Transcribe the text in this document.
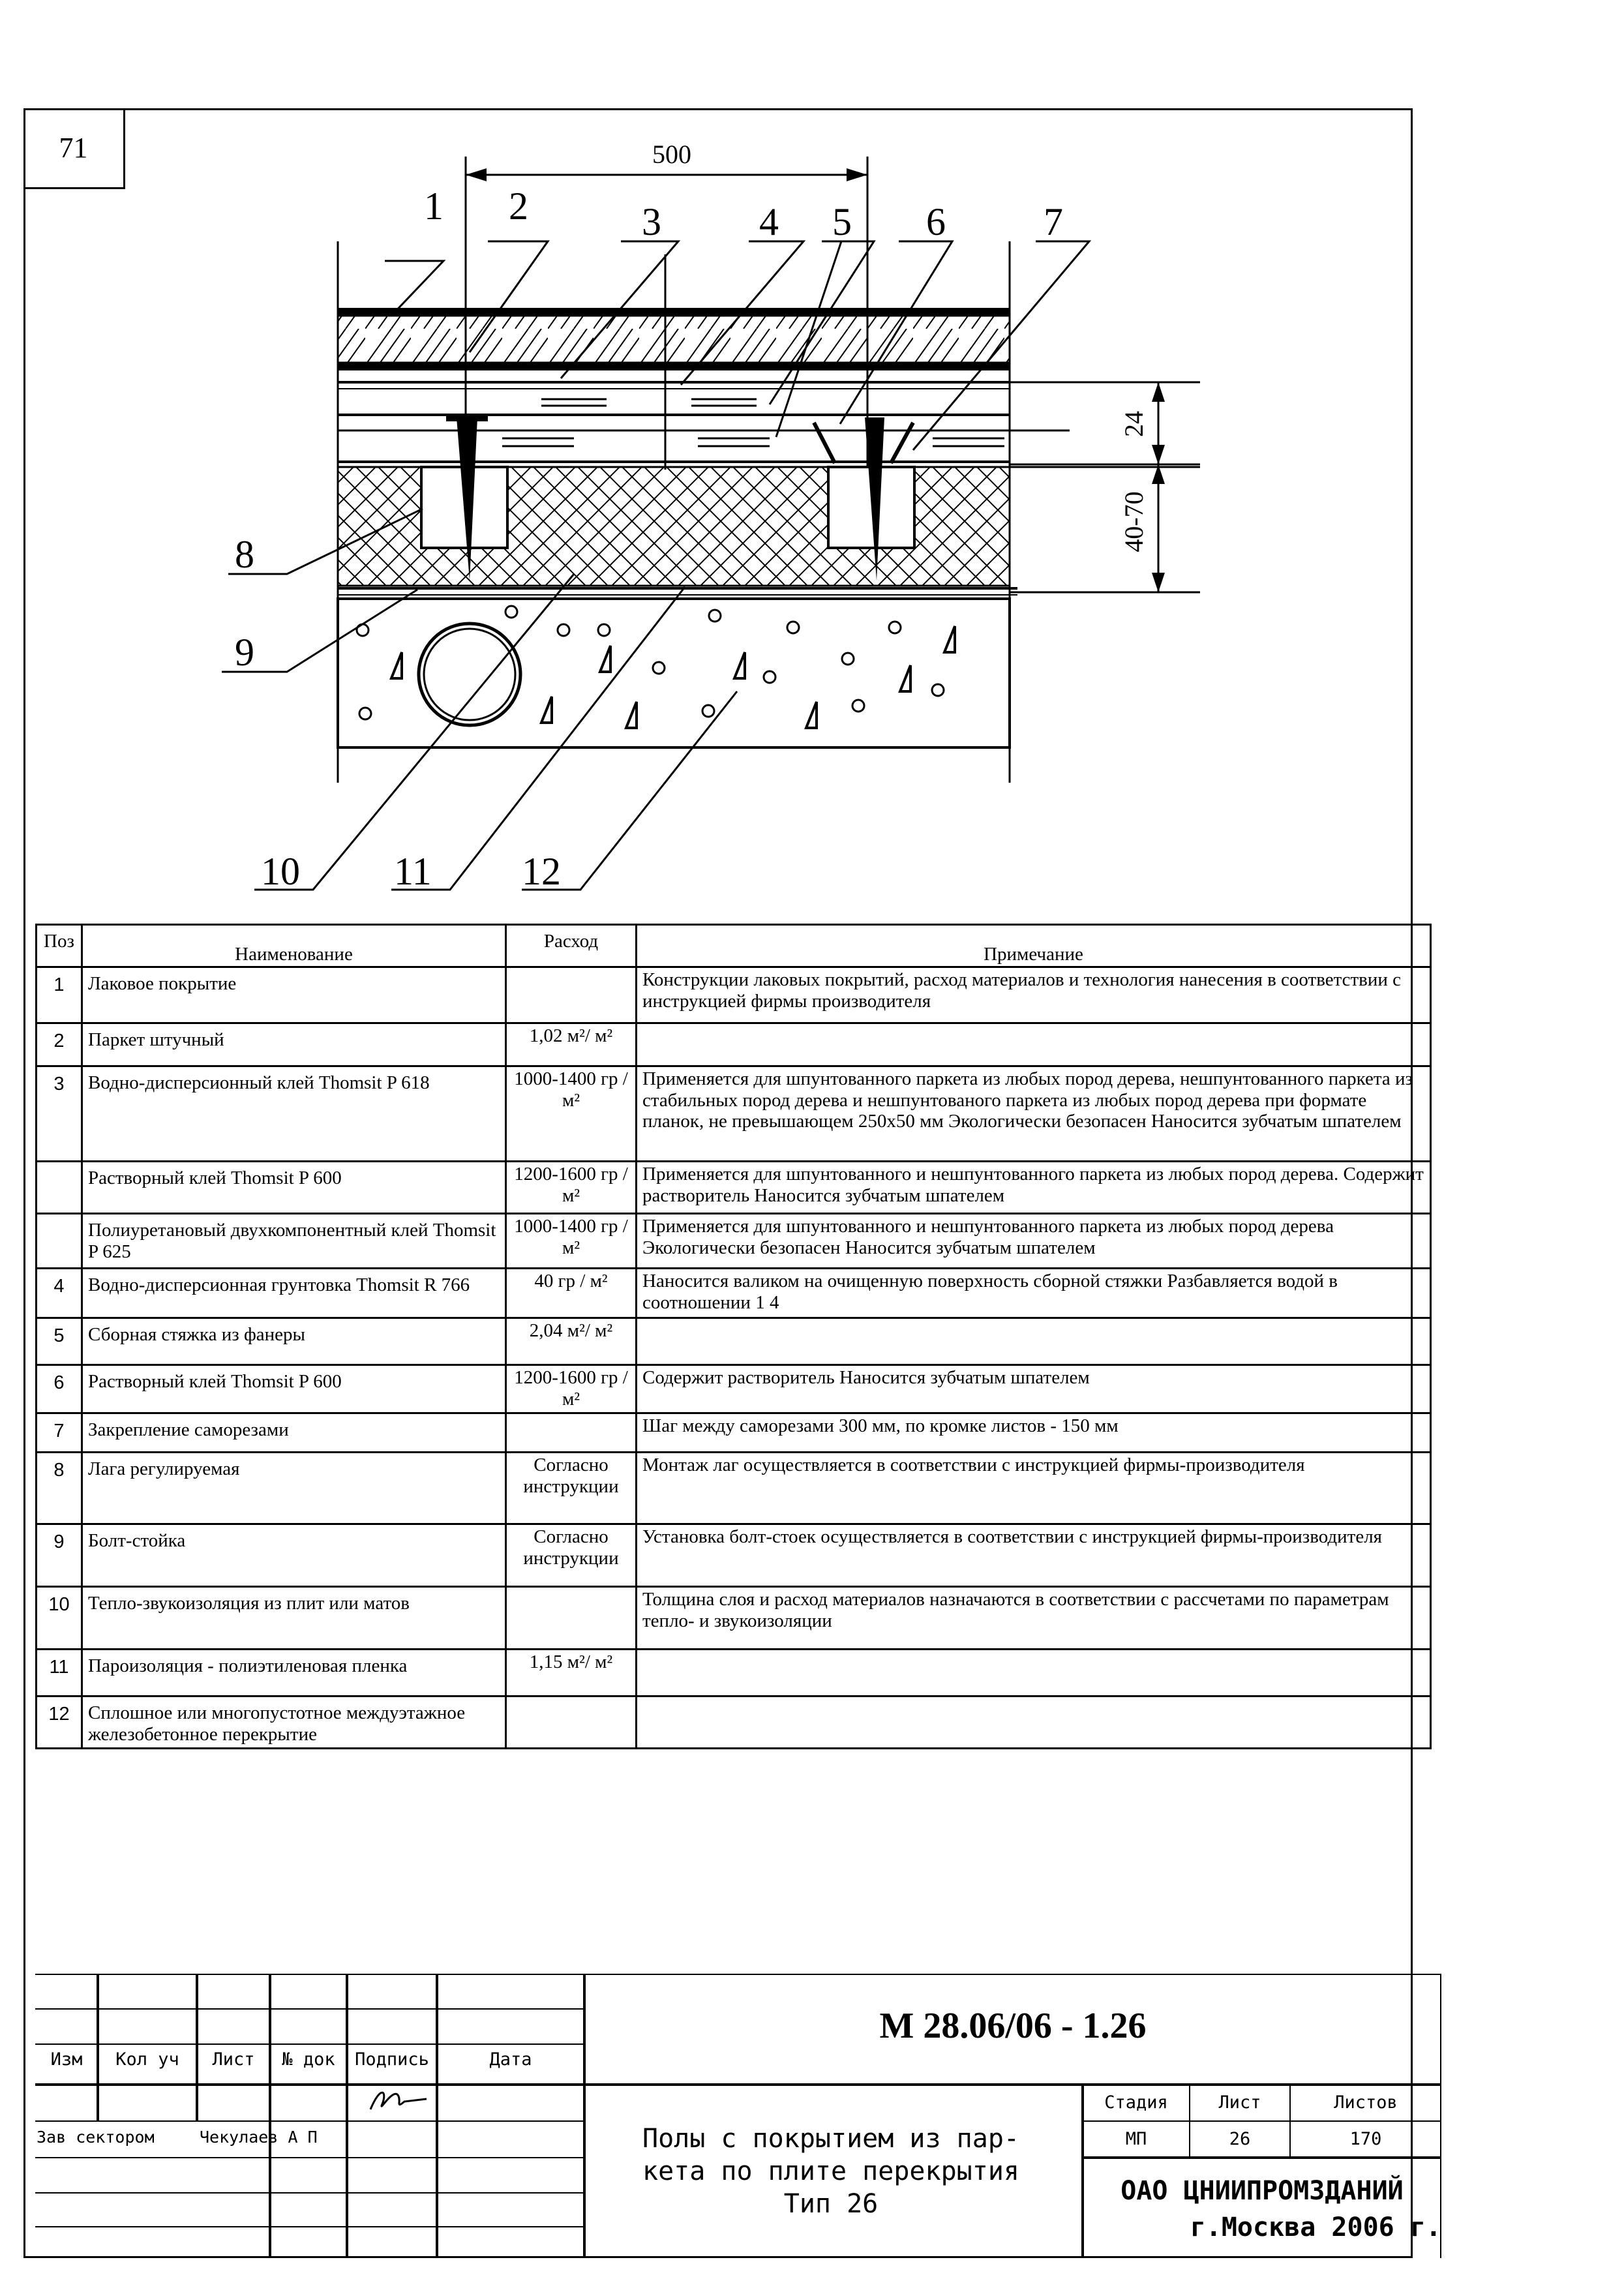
71	500
24
40-70
1 2	3	4 5 6	7
8
9
10 11 12
Поз	Наименование	Расход	Примечание
1	Лаковое покрытие		Конструкции лаковых покрытий, расход материалов и технология нанесения в соответствии с инструкцией фирмы производителя
2	Паркет штучный	1,02 м²/ м²	
3	Водно-дисперсионный клей Thomsit P 618	1000-1400 гр / м²	Применяется для шпунтованного паркета из любых пород дерева, нешпунтованного паркета из стабильных пород дерева и нешпунтованого паркета из любых пород дерева при формате планок, не превышающем 250х50 мм Экологически безопасен Наносится зубчатым шпателем
	Растворный клей Thomsit P 600	1200-1600 гр / м²	Применяется для шпунтованного и нешпунтованного паркета из любых пород дерева. Содержит растворитель Наносится зубчатым шпателем
	Полиуретановый двухкомпонентный клей Thomsit P 625	1000-1400 гр / м²	Применяется для шпунтованного и нешпунтованного паркета из любых пород дерева Экологически безопасен Наносится зубчатым шпателем
4	Водно-дисперсионная грунтовка Thomsit R 766	40 гр / м²	Наносится валиком на очищенную поверхность сборной стяжки Разбавляется водой в соотношении 1 4
5	Сборная стяжка из фанеры	2,04 м²/ м²	
6	Растворный клей Thomsit P 600	1200-1600 гр / м²	Содержит растворитель Наносится зубчатым шпателем
7	Закрепление саморезами		Шаг между саморезами 300 мм, по кромке листов - 150 мм
8	Лага регулируемая	Согласно инструкции	Монтаж лаг осуществляется в соответствии с инструкцией фирмы-производителя
9	Болт-стойка	Согласно инструкции	Установка болт-стоек осуществляется в соответствии с инструкцией фирмы-производителя
10	Тепло-звукоизоляция из плит или матов		Толщина слоя и расход материалов назначаются в соответствии с рассчетами по параметрам тепло- и звукоизоляции
11	Пароизоляция - полиэтиленовая пленка	1,15 м²/ м²	
12	Сплошное или многопустотное междуэтажное железобетонное перекрытие		
Изм	Кол уч	Лист	№ док	Подпись	Дата
М 28.06/06 - 1.26
Зав сектором	Чекулаев А П	Полы с покрытием из пар-
кета по плите перекрытия
Тип 26
Стадия	Лист	Листов
МП	26	170
ОАО ЦНИИПРОМЗДАНИЙ
г.Москва 2006 г.
